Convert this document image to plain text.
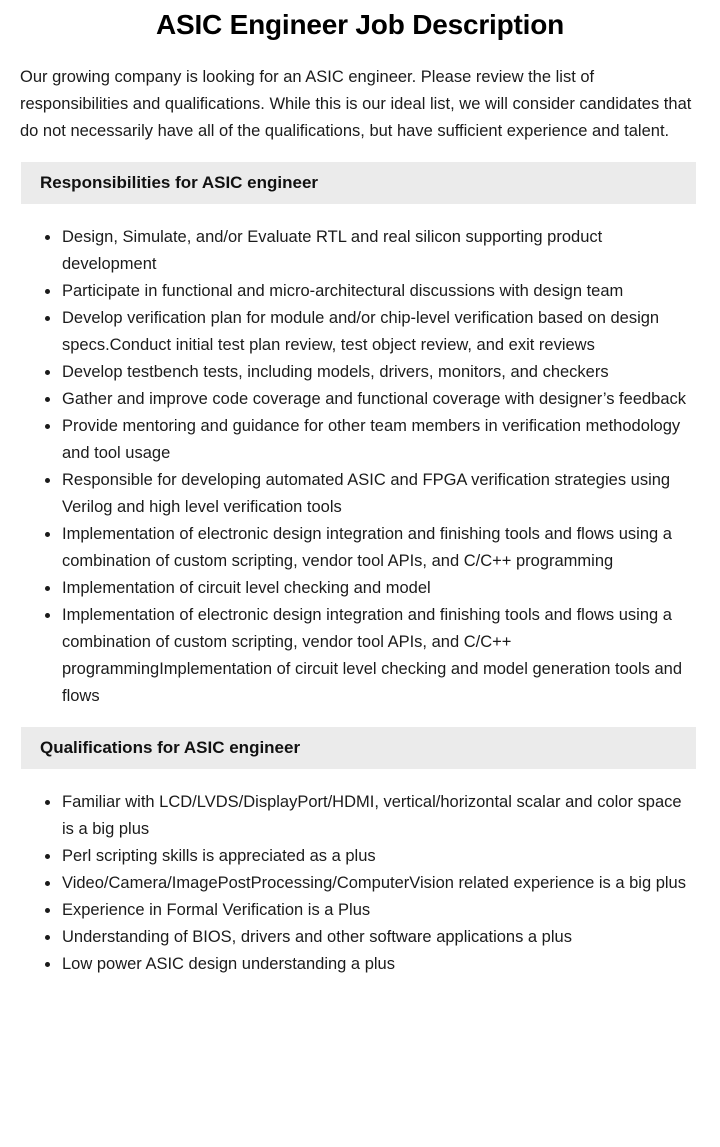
ASIC Engineer Job Description

Our growing company is looking for an ASIC engineer. Please review the list of responsibilities and qualifications. While this is our ideal list, we will consider candidates that do not necessarily have all of the qualifications, but have sufficient experience and talent.

Responsibilities for ASIC engineer
• Design, Simulate, and/or Evaluate RTL and real silicon supporting product development
• Participate in functional and micro-architectural discussions with design team
• Develop verification plan for module and/or chip-level verification based on design specs.Conduct initial test plan review, test object review, and exit reviews
• Develop testbench tests, including models, drivers, monitors, and checkers
• Gather and improve code coverage and functional coverage with designer’s feedback
• Provide mentoring and guidance for other team members in verification methodology and tool usage
• Responsible for developing automated ASIC and FPGA verification strategies using Verilog and high level verification tools
• Implementation of electronic design integration and finishing tools and flows using a combination of custom scripting, vendor tool APIs, and C/C++ programming
• Implementation of circuit level checking and model
• Implementation of electronic design integration and finishing tools and flows using a combination of custom scripting, vendor tool APIs, and C/C++ programmingImplementation of circuit level checking and model generation tools and flows
Qualifications for ASIC engineer
• Familiar with LCD/LVDS/DisplayPort/HDMI, vertical/horizontal scalar and color space is a big plus
• Perl scripting skills is appreciated as a plus
• Video/Camera/ImagePostProcessing/ComputerVision related experience is a big plus
• Experience in Formal Verification is a Plus
• Understanding of BIOS, drivers and other software applications a plus
• Low power ASIC design understanding a plus
